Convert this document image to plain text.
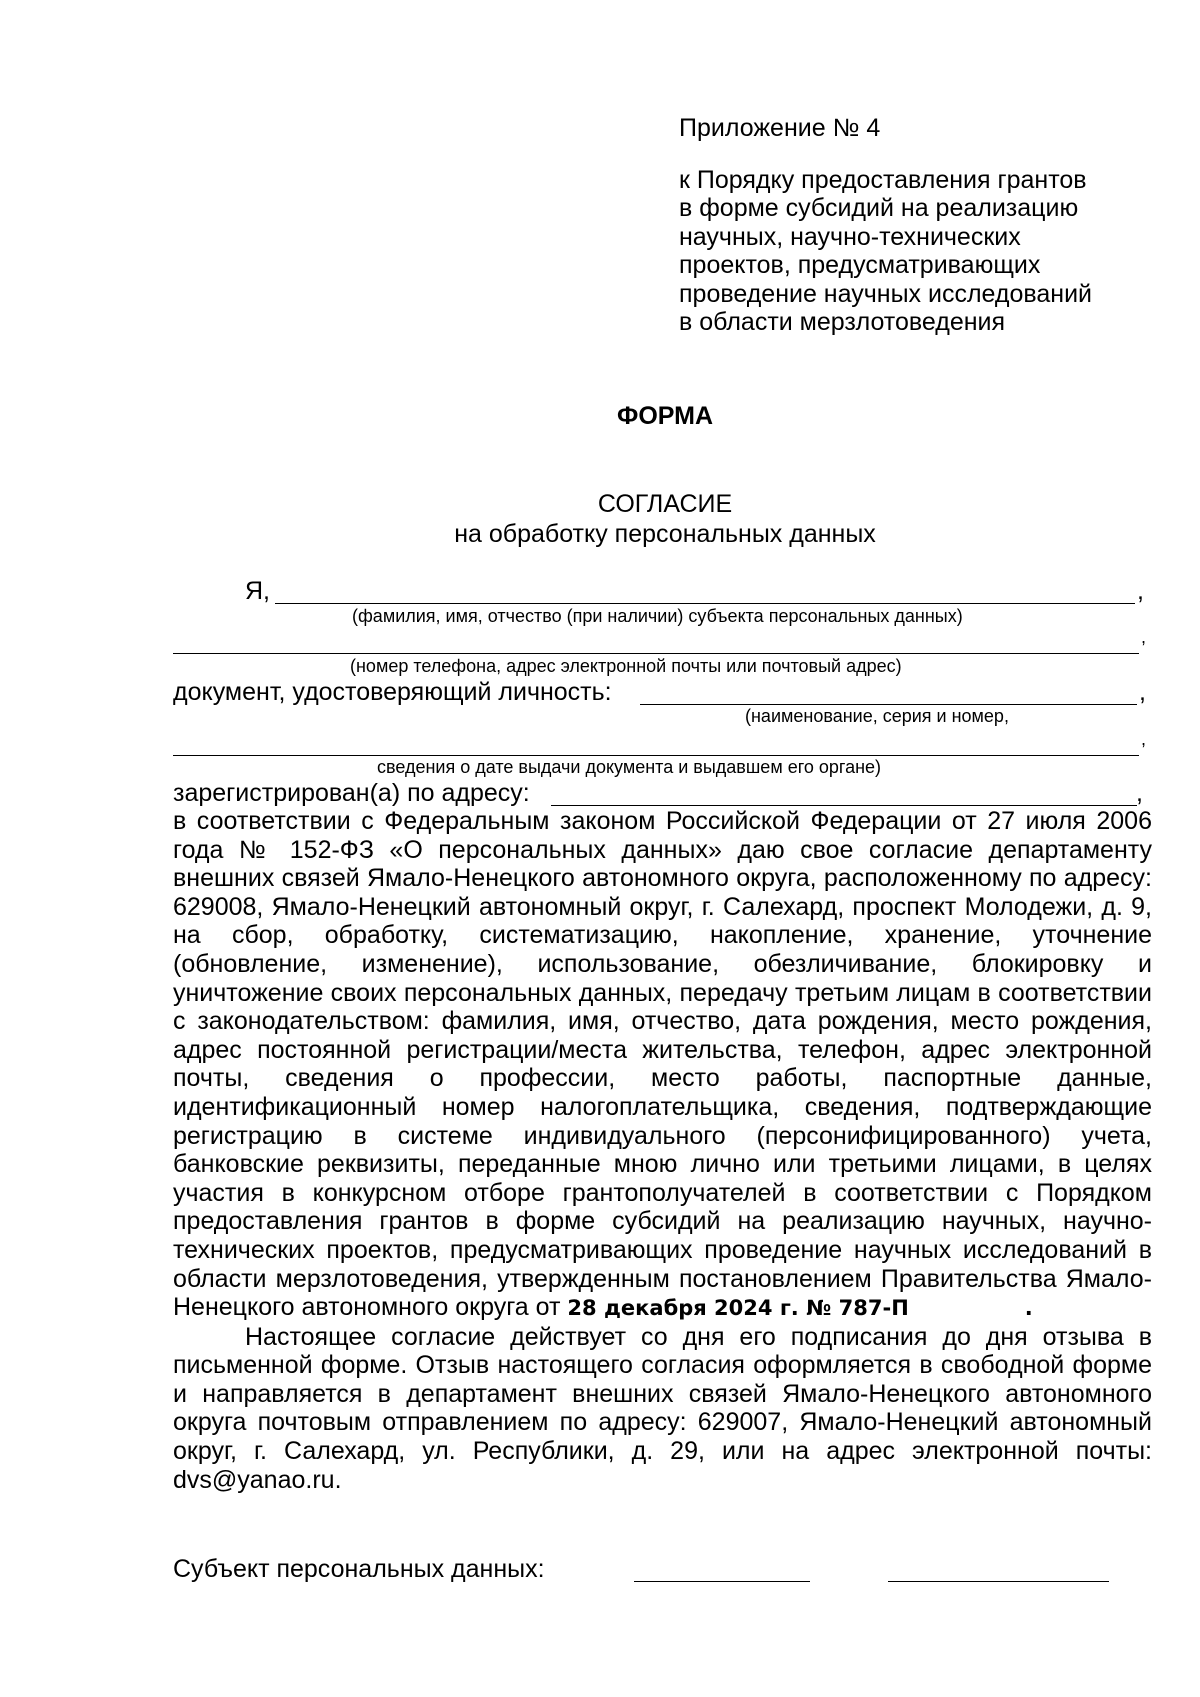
Приложение № 4
к Порядку предоставления грантов
в форме субсидий на реализацию
научных, научно-технических
проектов, предусматривающих
проведение научных исследований
в области мерзлотоведения
ФОРМА
СОГЛАСИЕ
на обработку персональных данных
Я,	,
(фамилия, имя, отчество (при наличии) субъекта персональных данных)
,
(номер телефона, адрес электронной почты или почтовый адрес)
документ, удостоверяющий личность:	,
(наименование, серия и номер,
,
сведения о дате выдачи документа и выдавшем его органе)
зарегистрирован(а) по адресу:	,
в соответствии с Федеральным законом Российской Федерации от 27 июля 2006 года № 152-ФЗ «О персональных данных» даю свое согласие департаменту внешних связей Ямало-Ненецкого автономного округа, расположенному по адресу: 629008, Ямало-Ненецкий автономный округ, г. Салехард, проспект Молодежи, д. 9, на сбор, обработку, систематизацию, накопление, хранение, уточнение (обновление, изменение), использование, обезличивание, блокировку и уничтожение своих персональных данных, передачу третьим лицам в соответствии с законодательством: фамилия, имя, отчество, дата рождения, место рождения, адрес постоянной регистрации/места жительства, телефон, адрес электронной почты, сведения о профессии, место работы, паспортные данные, идентификационный номер налогоплательщика, сведения, подтверждающие регистрацию в системе индивидуального (персонифицированного) учета, банковские реквизиты, переданные мною лично или третьими лицами, в целях участия в конкурсном отборе грантополучателей в соответствии с Порядком предоставления грантов в форме субсидий на реализацию научных, научно-технических проектов, предусматривающих проведение научных исследований в области мерзлотоведения, утвержденным постановлением Правительства Ямало-Ненецкого автономного округа от 28 декабря 2024 г. № 787-П	.
Настоящее согласие действует со дня его подписания до дня отзыва в письменной форме. Отзыв настоящего согласия оформляется в свободной форме и направляется в департамент внешних связей Ямало-Ненецкого автономного округа почтовым отправлением по адресу: 629007, Ямало-Ненецкий автономный округ, г. Салехард, ул. Республики, д. 29, или на адрес электронной почты: dvs@yanao.ru.
Субъект персональных данных:
